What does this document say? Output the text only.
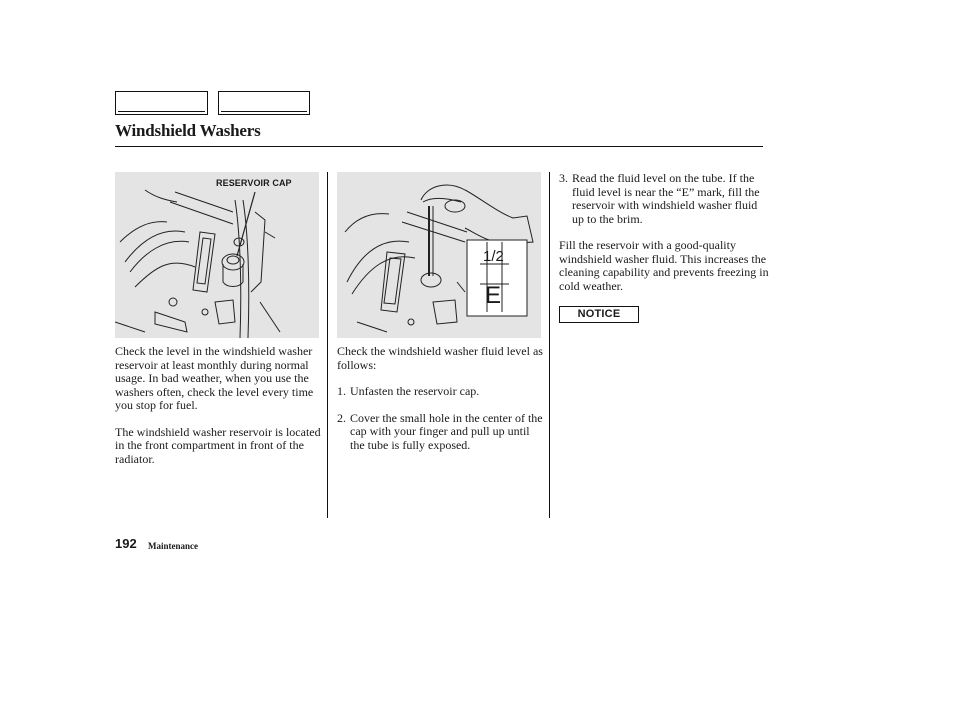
Windshield Washers
RESERVOIR CAP
1/2
E

Check the level in the windshield washer reservoir at least monthly during normal usage. In bad weather, when you use the washers often, check the level every time you stop for fuel.

The windshield washer reservoir is located in the front compartment in front of the radiator.

Check the windshield washer fluid level as follows:

1. Unfasten the reservoir cap.
2. Cover the small hole in the center of the cap with your finger and pull up until the tube is fully exposed.
3. Read the fluid level on the tube. If the fluid level is near the “E” mark, fill the reservoir with windshield washer fluid up to the brim.

Fill the reservoir with a good-quality windshield washer fluid. This increases the cleaning capability and prevents freezing in cold weather.

NOTICE
192 Maintenance
